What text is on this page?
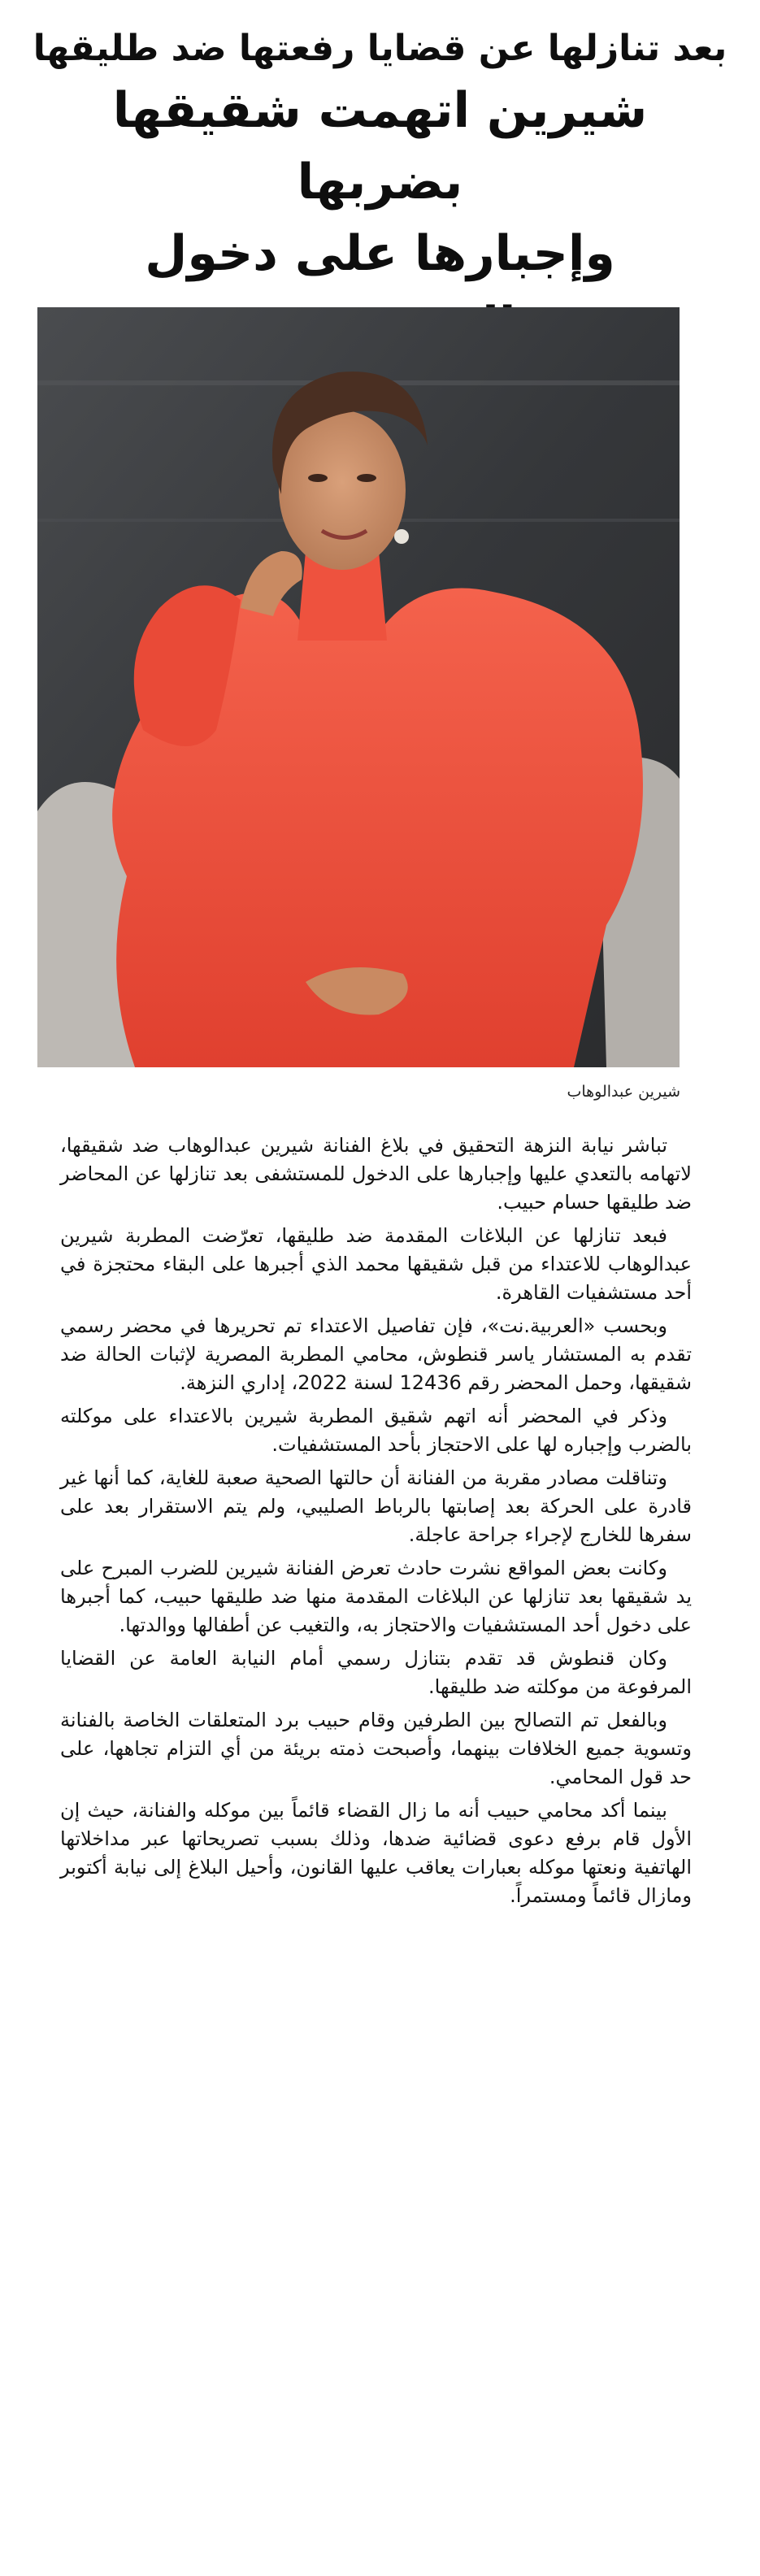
بعد تنازلها عن قضايا رفعتها ضد طليقها
شيرين اتهمت شقيقها بضربها
وإجبارها على دخول
شيرين عبدالوهاب

تباشر نيابة النزهة التحقيق في بلاغ الفنانة شيرين عبدالوهاب ضد شقيقها، لاتهامه بالتعدي عليها وإجبارها على الدخول للمستشفى بعد تنازلها عن المحاضر ضد طليقها حسام حبيب.

فبعد تنازلها عن البلاغات المقدمة ضد طليقها، تعرّضت المطربة شيرين عبدالوهاب للاعتداء من قبل شقيقها محمد الذي أجبرها على البقاء محتجزة في أحد مستشفيات القاهرة.

وبحسب «العربية.نت»، فإن تفاصيل الاعتداء تم تحريرها في محضر رسمي تقدم به المستشار ياسر قنطوش، محامي المطربة المصرية لإثبات الحالة ضد شقيقها، وحمل المحضر رقم 12436 لسنة 2022، إداري النزهة.

وذكر في المحضر أنه اتهم شقيق المطربة شيرين بالاعتداء على موكلته بالضرب وإجباره لها على الاحتجاز بأحد المستشفيات.

وتناقلت مصادر مقربة من الفنانة أن حالتها الصحية صعبة للغاية، كما أنها غير قادرة على الحركة بعد إصابتها بالرباط الصليبي، ولم يتم الاستقرار بعد على سفرها للخارج لإجراء جراحة عاجلة.

وكانت بعض المواقع نشرت حادث تعرض الفنانة شيرين للضرب المبرح على يد شقيقها بعد تنازلها عن البلاغات المقدمة منها ضد طليقها حبيب، كما أجبرها على دخول أحد المستشفيات والاحتجاز به، والتغيب عن أطفالها ووالدتها.

وكان قنطوش قد تقدم بتنازل رسمي أمام النيابة العامة عن القضايا المرفوعة من موكلته ضد طليقها.

وبالفعل تم التصالح بين الطرفين وقام حبيب برد المتعلقات الخاصة بالفنانة وتسوية جميع الخلافات بينهما، وأصبحت ذمته بريئة من أي التزام تجاهها، على حد قول المحامي.

بينما أكد محامي حبيب أنه ما زال القضاء قائماً بين موكله والفنانة، حيث إن الأول قام برفع دعوى قضائية ضدها، وذلك بسبب تصريحاتها عبر مداخلاتها الهاتفية ونعتها موكله بعبارات يعاقب عليها القانون، وأحيل البلاغ إلى نيابة أكتوبر ومازال قائماً ومستمراً.
